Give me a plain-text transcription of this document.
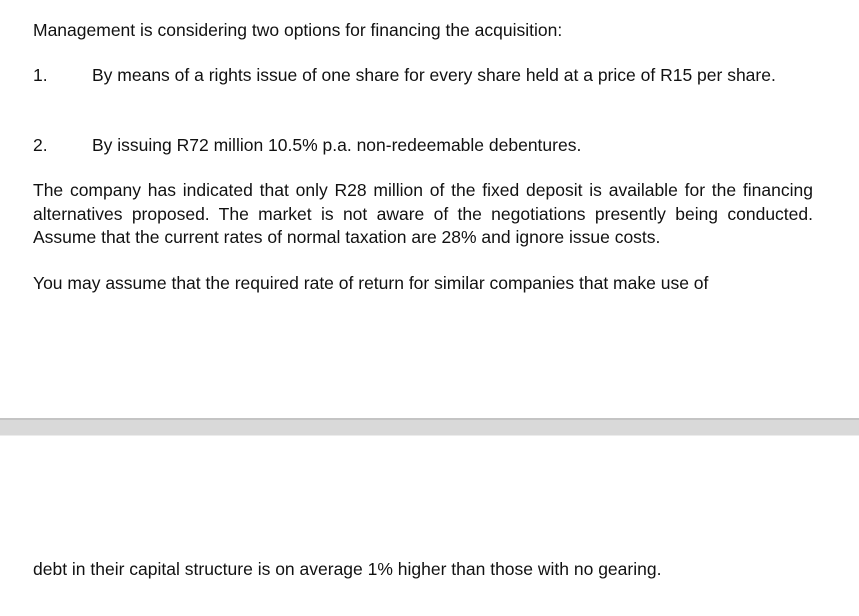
Management is considering two options for financing the acquisition:
1.	By means of a rights issue of one share for every share held at a price of R15 per share.
2.	By issuing R72 million 10.5% p.a. non-redeemable debentures.
The company has indicated that only R28 million of the fixed deposit is available for the financing alternatives proposed. The market is not aware of the negotiations presently being conducted. Assume that the current rates of normal taxation are 28% and ignore issue costs.
You may assume that the required rate of return for similar companies that make use of
debt in their capital structure is on average 1% higher than those with no gearing.
